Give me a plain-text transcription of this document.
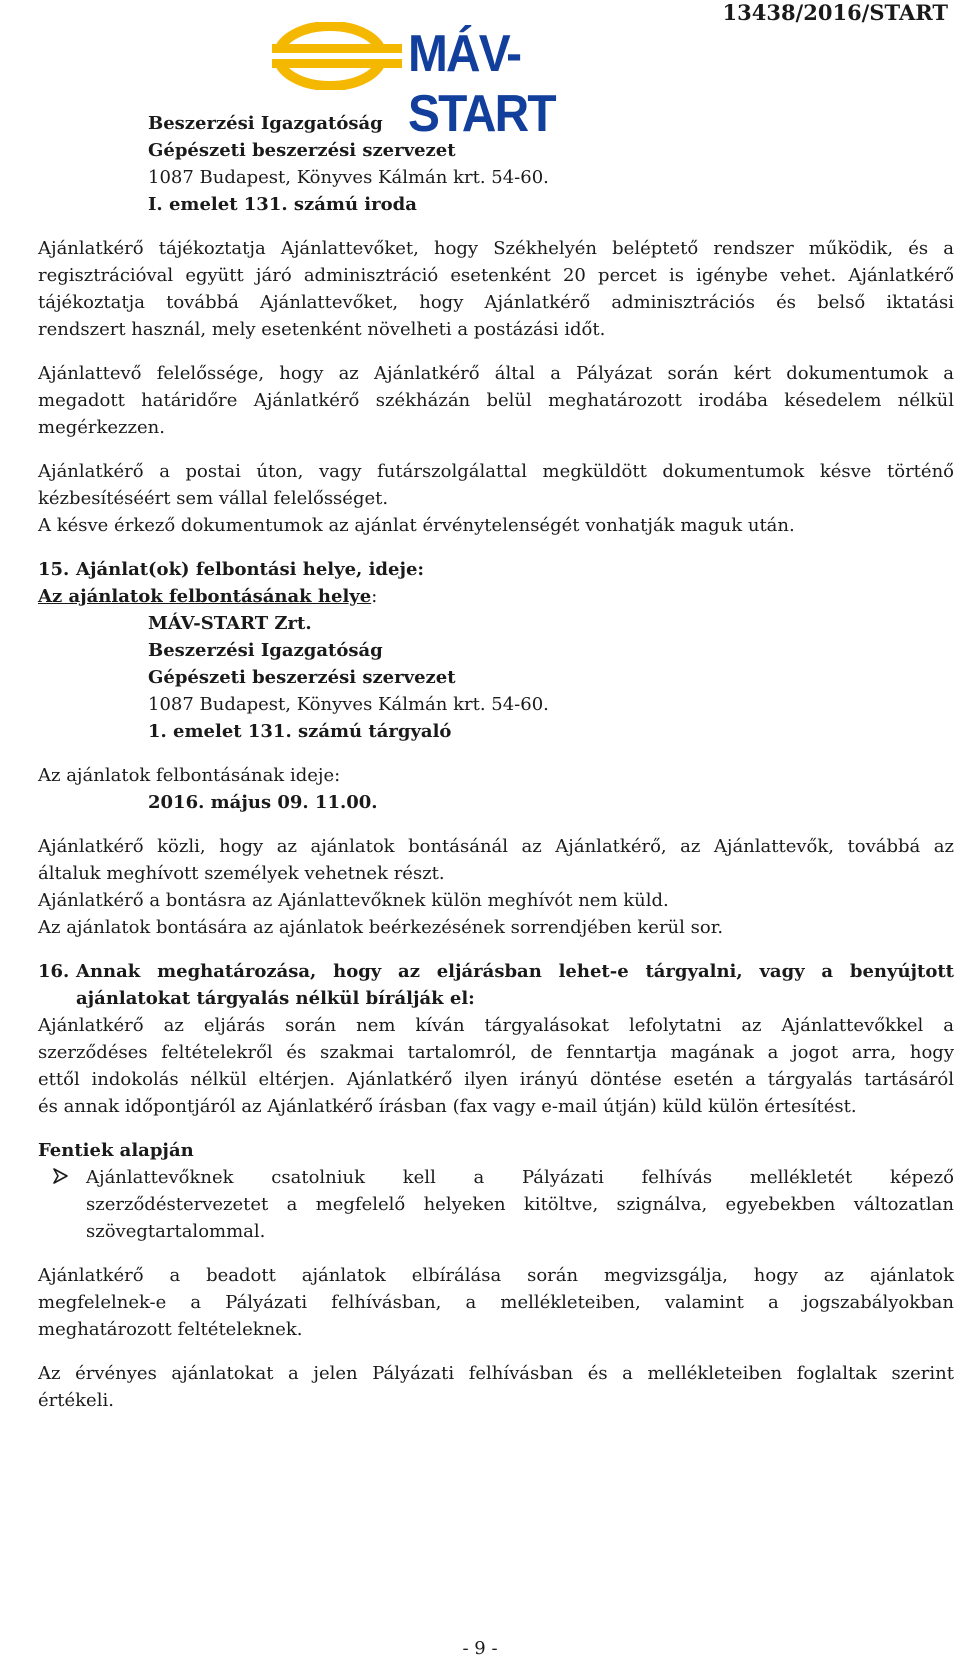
13438/2016/START
MÁV-START
Beszerzési Igazgatóság
Gépészeti beszerzési szervezet
1087 Budapest, Könyves Kálmán krt. 54-60.
I. emelet 131. számú iroda
Ajánlatkérő tájékoztatja Ajánlattevőket, hogy Székhelyén beléptető rendszer működik, és a
regisztrációval együtt járó adminisztráció esetenként 20 percet is igénybe vehet. Ajánlatkérő
tájékoztatja továbbá Ajánlattevőket, hogy Ajánlatkérő adminisztrációs és belső iktatási
rendszert használ, mely esetenként növelheti a postázási időt.
Ajánlattevő felelőssége, hogy az Ajánlatkérő által a Pályázat során kért dokumentumok a
megadott határidőre Ajánlatkérő székházán belül meghatározott irodába késedelem nélkül
megérkezzen.
Ajánlatkérő a postai úton, vagy futárszolgálattal megküldött dokumentumok késve történő
kézbesítéséért sem vállal felelősséget.
A késve érkező dokumentumok az ajánlat érvénytelenségét vonhatják maguk után.
15. Ajánlat(ok) felbontási helye, ideje:
Az ajánlatok felbontásának helye:
MÁV-START Zrt.
Beszerzési Igazgatóság
Gépészeti beszerzési szervezet
1087 Budapest, Könyves Kálmán krt. 54-60.
1. emelet 131. számú tárgyaló
Az ajánlatok felbontásának ideje:
2016. május 09. 11.00.
Ajánlatkérő közli, hogy az ajánlatok bontásánál az Ajánlatkérő, az Ajánlattevők, továbbá az
általuk meghívott személyek vehetnek részt.
Ajánlatkérő a bontásra az Ajánlattevőknek külön meghívót nem küld.
Az ajánlatok bontására az ajánlatok beérkezésének sorrendjében kerül sor.
16. Annak meghatározása, hogy az eljárásban lehet-e tárgyalni, vagy a benyújtott
ajánlatokat tárgyalás nélkül bírálják el:
Ajánlatkérő az eljárás során nem kíván tárgyalásokat lefolytatni az Ajánlattevőkkel a
szerződéses feltételekről és szakmai tartalomról, de fenntartja magának a jogot arra, hogy
ettől indokolás nélkül eltérjen. Ajánlatkérő ilyen irányú döntése esetén a tárgyalás tartásáról
és annak időpontjáról az Ajánlatkérő írásban (fax vagy e-mail útján) küld külön értesítést.
Fentiek alapján
Ajánlattevőknek csatolniuk kell a Pályázati felhívás mellékletét képező
szerződéstervezetet a megfelelő helyeken kitöltve, szignálva, egyebekben változatlan
szövegtartalommal.
Ajánlatkérő a beadott ajánlatok elbírálása során megvizsgálja, hogy az ajánlatok
megfelelnek-e a Pályázati felhívásban, a mellékleteiben, valamint a jogszabályokban
meghatározott feltételeknek.
Az érvényes ajánlatokat a jelen Pályázati felhívásban és a mellékleteiben foglaltak szerint
értékeli.
- 9 -
